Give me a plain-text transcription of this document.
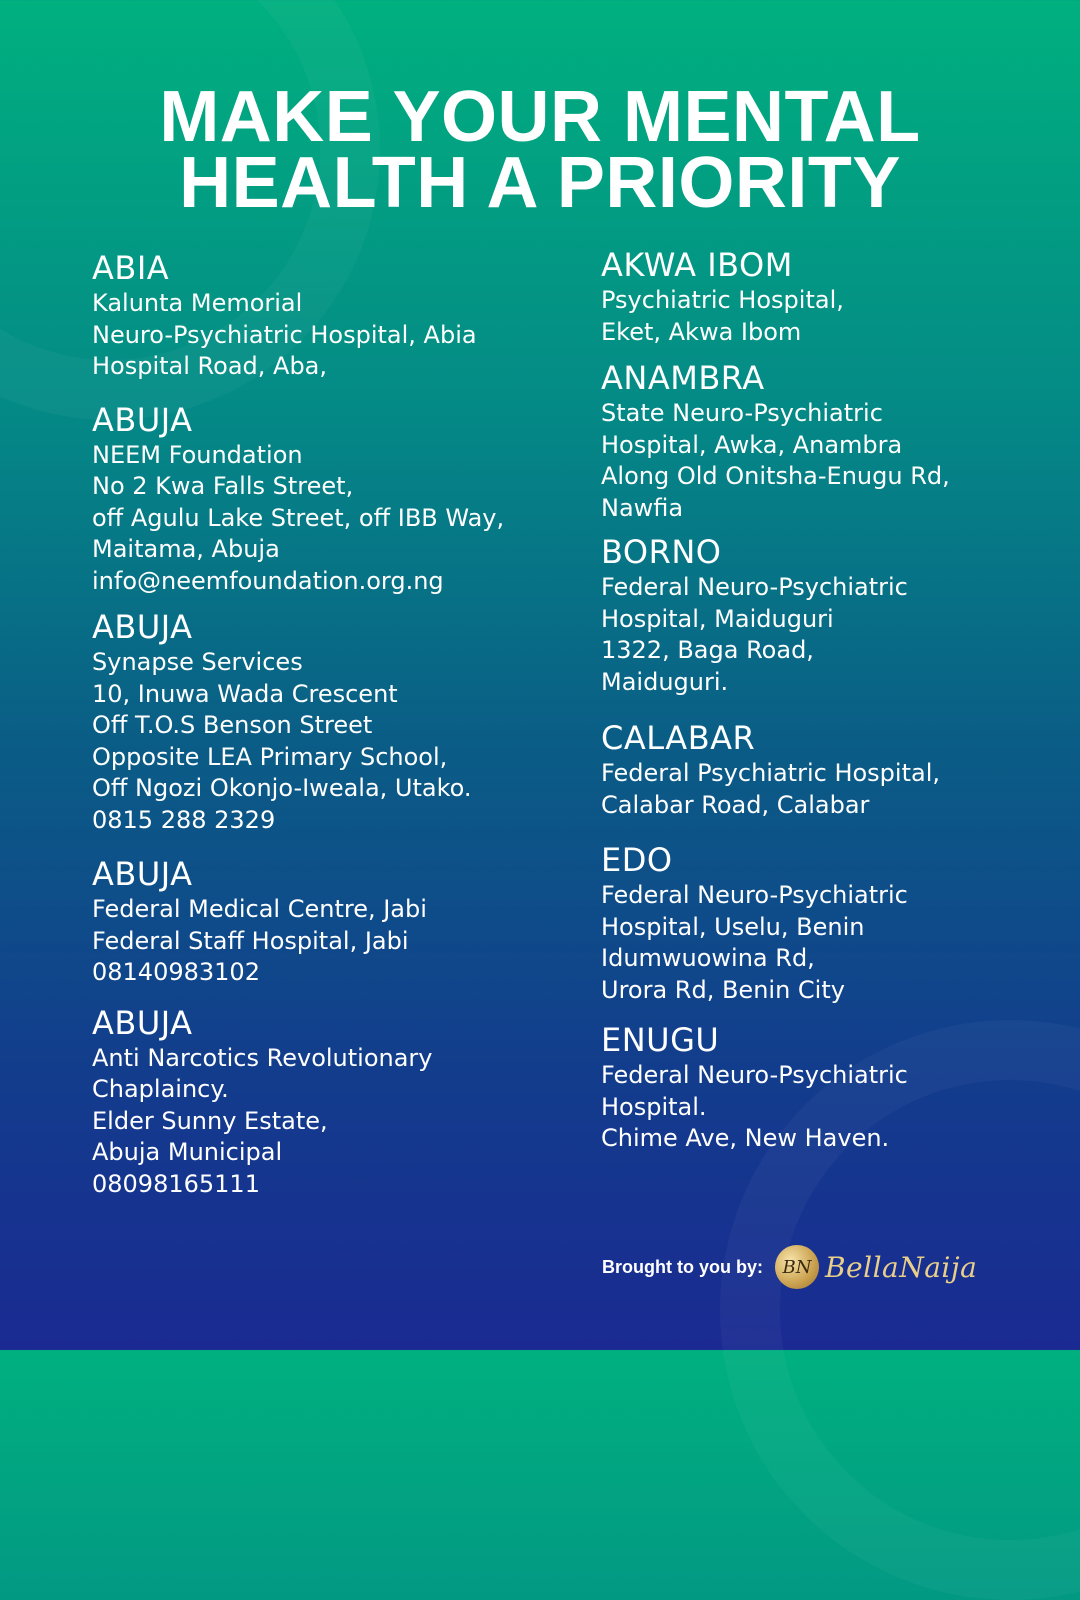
MAKE YOUR MENTAL
HEALTH A PRIORITY
ABIA
Kalunta Memorial
Neuro-Psychiatric Hospital, Abia
Hospital Road, Aba,
ABUJA
NEEM Foundation
No 2 Kwa Falls Street,
off Agulu Lake Street, off IBB Way,
Maitama, Abuja
info@neemfoundation.org.ng
ABUJA
Synapse Services
10, Inuwa Wada Crescent
Off T.O.S Benson Street
Opposite LEA Primary School,
Off Ngozi Okonjo-Iweala, Utako.
0815 288 2329
ABUJA
Federal Medical Centre, Jabi
Federal Staff Hospital, Jabi
08140983102
ABUJA
Anti Narcotics Revolutionary
Chaplaincy.
Elder Sunny Estate,
Abuja Municipal
08098165111
AKWA IBOM
Psychiatric Hospital,
Eket, Akwa Ibom
ANAMBRA
State Neuro-Psychiatric
Hospital, Awka, Anambra
Along Old Onitsha-Enugu Rd,
Nawfia
BORNO
Federal Neuro-Psychiatric
Hospital, Maiduguri
1322, Baga Road,
Maiduguri.
CALABAR
Federal Psychiatric Hospital,
Calabar Road, Calabar
EDO
Federal Neuro-Psychiatric
Hospital, Uselu, Benin
Idumwuowina Rd,
Urora Rd, Benin City
ENUGU
Federal Neuro-Psychiatric
Hospital.
Chime Ave, New Haven.
Brought to you by:	BN BellaNaija
